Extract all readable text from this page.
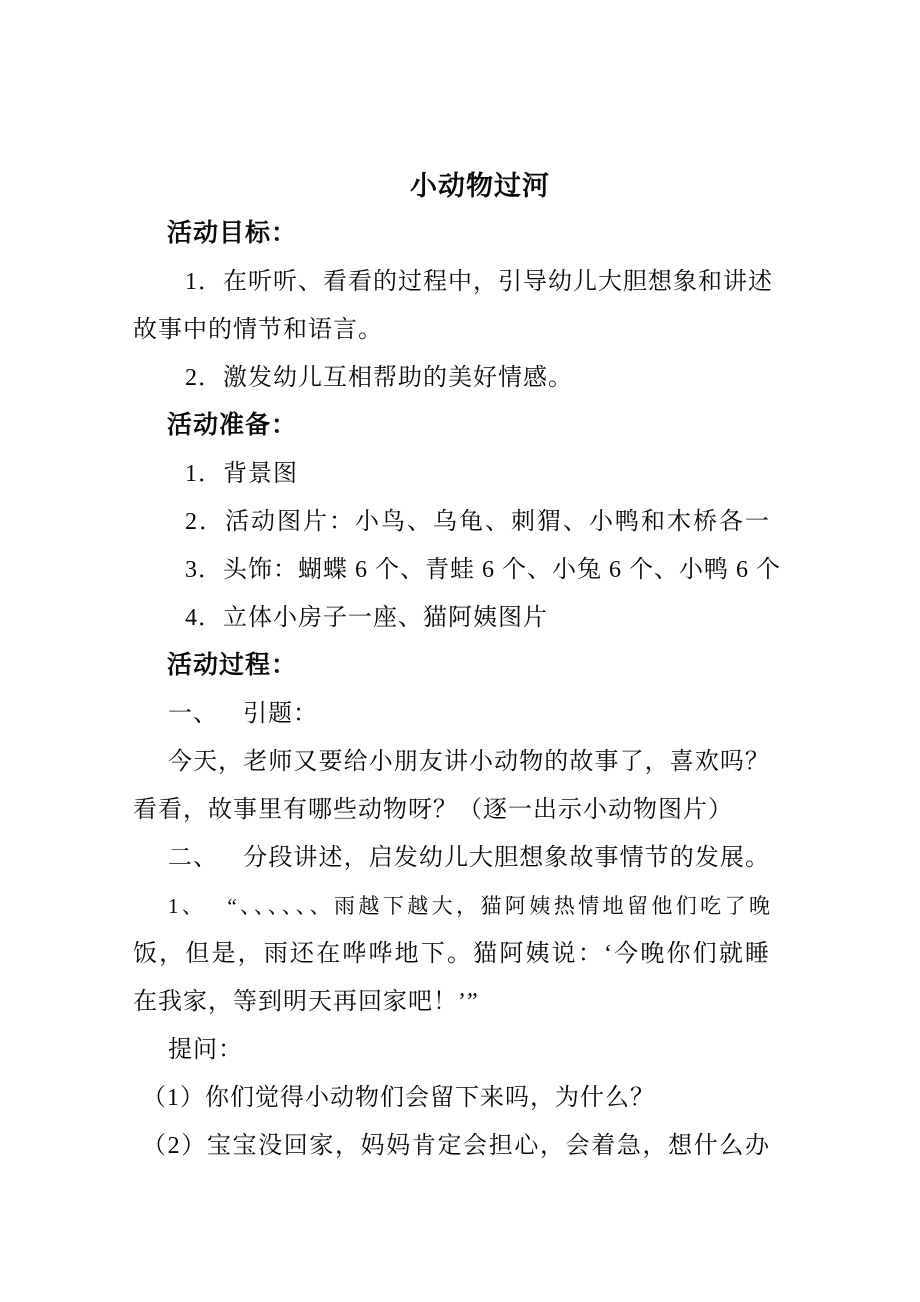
小动物过河
活动目标：
1．在听听、看看的过程中，引导幼儿大胆想象和讲述
故事中的情节和语言。
2．激发幼儿互相帮助的美好情感。
活动准备：
1．背景图
2．活动图片：小鸟、乌龟、刺猬、小鸭和木桥各一
3．头饰：蝴蝶 6 个、青蛙 6 个、小兔 6 个、小鸭 6 个
4．立体小房子一座、猫阿姨图片
活动过程：
一、 引题：
今天，老师又要给小朋友讲小动物的故事了，喜欢吗？
看看，故事里有哪些动物呀？（逐一出示小动物图片）
二、 分段讲述，启发幼儿大胆想象故事情节的发展。
1、 “、、、、、、雨越下越大，猫阿姨热情地留他们吃了晚
饭，但是，雨还在哗哗地下。猫阿姨说：‘今晚你们就睡
在我家，等到明天再回家吧！’”
提问：
（1）你们觉得小动物们会留下来吗，为什么？
（2）宝宝没回家，妈妈肯定会担心，会着急，想什么办
